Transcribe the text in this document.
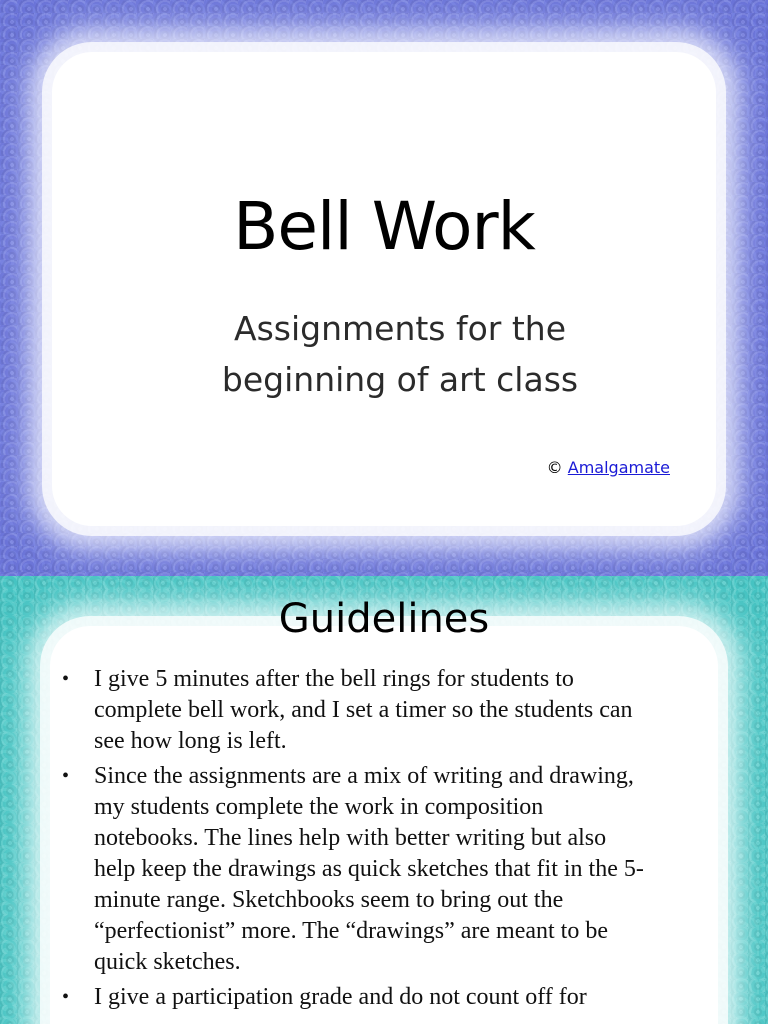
Bell Work
Assignments for the
beginning of art class
© Amalgamate
Guidelines
• I give 5 minutes after the bell rings for students to
complete bell work, and I set a timer so the students can
see how long is left.
• Since the assignments are a mix of writing and drawing,
my students complete the work in composition
notebooks. The lines help with better writing but also
help keep the drawings as quick sketches that fit in the 5-
minute range. Sketchbooks seem to bring out the
“perfectionist” more. The “drawings” are meant to be
quick sketches.
• I give a participation grade and do not count off for
